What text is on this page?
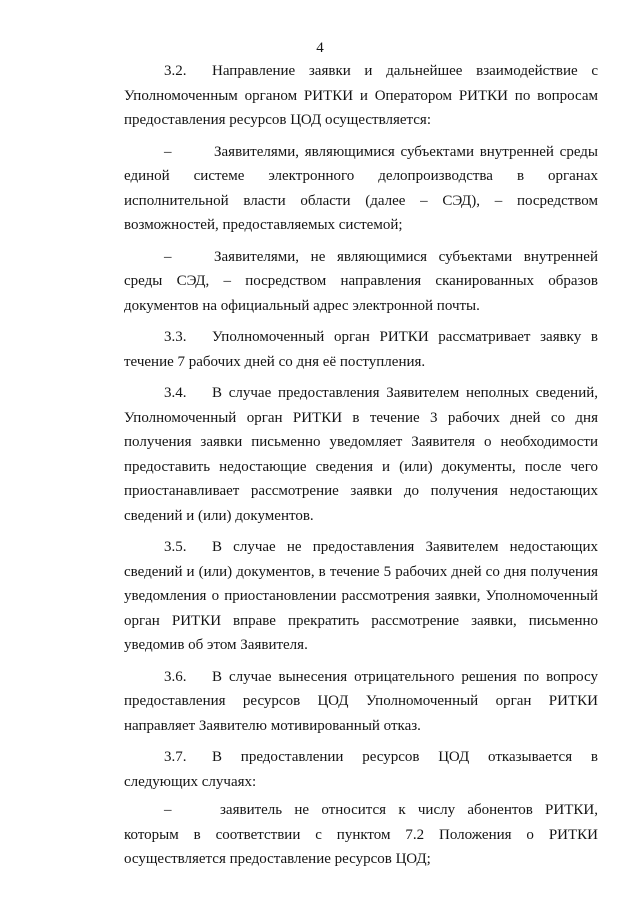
4

3.2. Направление заявки и дальнейшее взаимодействие с Уполномоченным органом РИТКИ и Оператором РИТКИ по вопросам предоставления ресурсов ЦОД осуществляется:

–	Заявителями, являющимися субъектами внутренней среды единой системе электронного делопроизводства в органах исполнительной власти области (далее – СЭД), – посредством возможностей, предоставляемых системой;

–	Заявителями, не являющимися субъектами внутренней среды СЭД, – посредством направления сканированных образов документов на официальный адрес электронной почты.

3.3. Уполномоченный орган РИТКИ рассматривает заявку в течение 7 рабочих дней со дня её поступления.

3.4. В случае предоставления Заявителем неполных сведений, Уполномоченный орган РИТКИ в течение 3 рабочих дней со дня получения заявки письменно уведомляет Заявителя о необходимости предоставить недостающие сведения и (или) документы, после чего приостанавливает рассмотрение заявки до получения недостающих сведений и (или) документов.

3.5. В случае не предоставления Заявителем недостающих сведений и (или) документов, в течение 5 рабочих дней со дня получения уведомления о приостановлении рассмотрения заявки, Уполномоченный орган РИТКИ вправе прекратить рассмотрение заявки, письменно уведомив об этом Заявителя.

3.6. В случае вынесения отрицательного решения по вопросу предоставления ресурсов ЦОД Уполномоченный орган РИТКИ направляет Заявителю мотивированный отказ.

3.7. В предоставлении ресурсов ЦОД отказывается в следующих случаях:

–	заявитель не относится к числу абонентов РИТКИ, которым в соответствии с пунктом 7.2 Положения о РИТКИ осуществляется предоставление ресурсов ЦОД;
